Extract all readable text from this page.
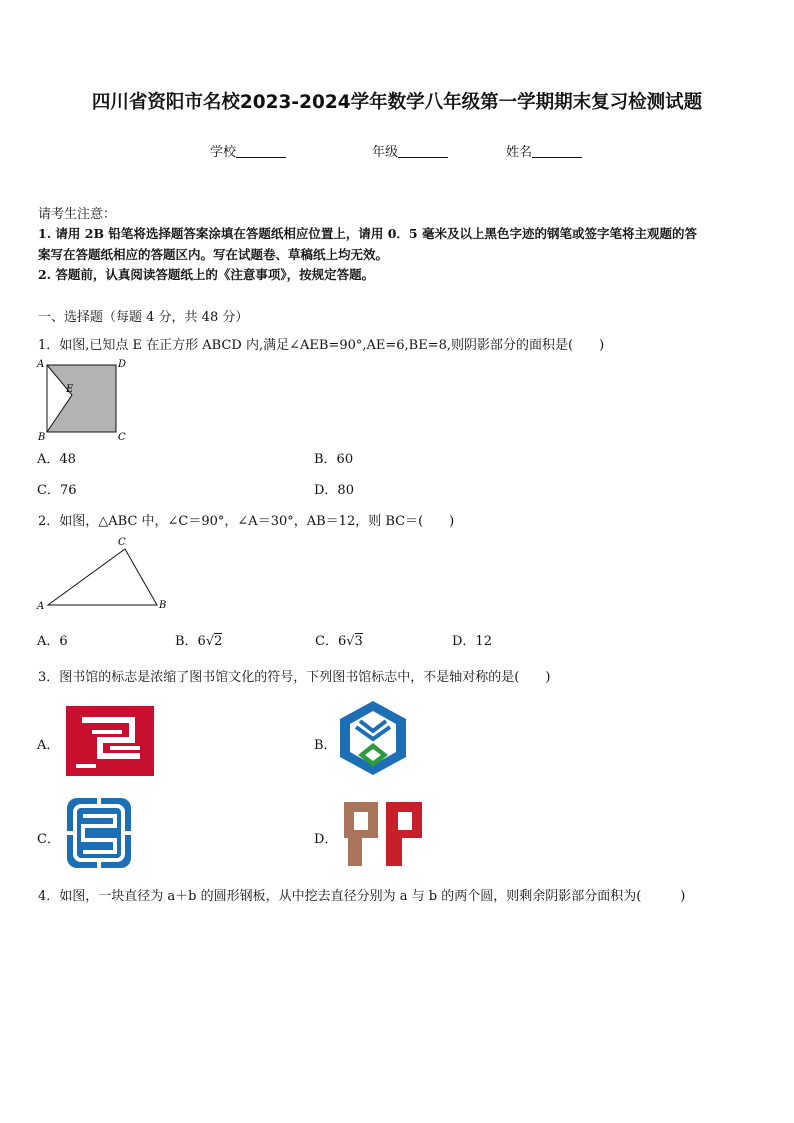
四川省资阳市名校2023-2024学年数学八年级第一学期期末复习检测试题
学校	年级	姓名
请考生注意：
1. 请用 2B 铅笔将选择题答案涂填在答题纸相应位置上，请用 0．5 毫米及以上黑色字迹的钢笔或签字笔将主观题的答
案写在答题纸相应的答题区内。写在试题卷、草稿纸上均无效。
2. 答题前，认真阅读答题纸上的《注意事项》，按规定答题。
一、选择题（每题 4 分，共 48 分）
1．如图,已知点 E 在正方形 ABCD 内,满足∠AEB=90°,AE=6,BE=8,则阴影部分的面积是(　　)
A	D
B	C
E
A．48	B．60
C．76	D．80
2．如图，△ABC 中，∠C＝90°，∠A＝30°，AB＝12，则 BC＝(　　)
A	B
C
A．6	B．6√2	C．6√3	D．12
3．图书馆的标志是浓缩了图书馆文化的符号，下列图书馆标志中，不是轴对称的是(　　)
A．	B．
C．	D．
4．如图，一块直径为 a＋b 的圆形钢板，从中挖去直径分别为 a 与 b 的两个圆，则剩余阴影部分面积为(　　　)
